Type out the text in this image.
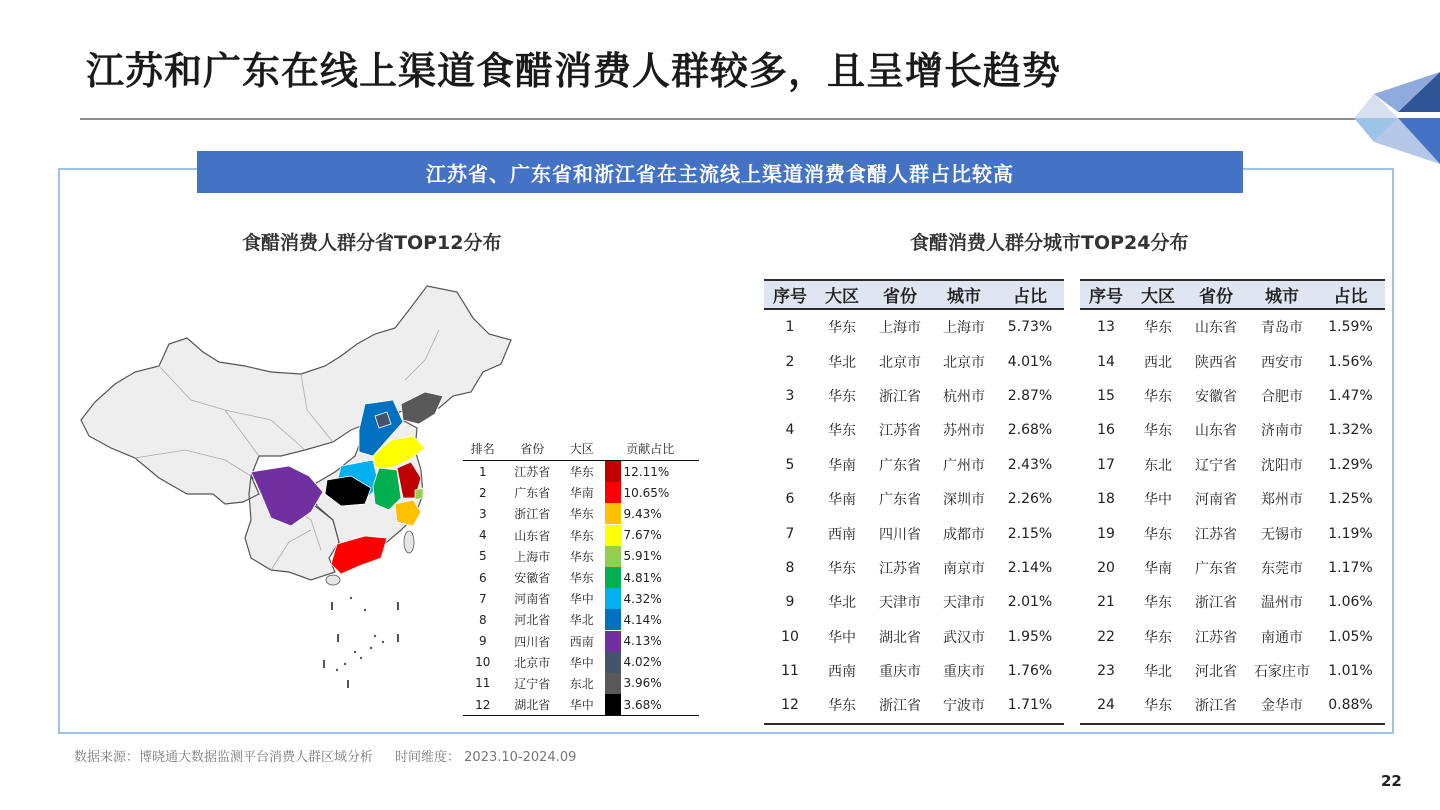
江苏和广东在线上渠道食醋消费人群较多，且呈增长趋势
江苏省、广东省和浙江省在主流线上渠道消费食醋人群占比较高
食醋消费人群分省TOP12分布	食醋消费人群分城市TOP24分布
排名	省份	大区	贡献占比	
1	江苏省	华东		12.11%
2	广东省	华南		10.65%
3	浙江省	华东		9.43%
4	山东省	华东		7.67%
5	上海市	华东		5.91%
6	安徽省	华东		4.81%
7	河南省	华中		4.32%
8	河北省	华北		4.14%
9	四川省	西南		4.13%
10	北京市	华中		4.02%
11	辽宁省	东北		3.96%
12	湖北省	华中		3.68%
序号	大区	省份	城市	占比
1	华东	上海市	上海市	5.73%
2	华北	北京市	北京市	4.01%
3	华东	浙江省	杭州市	2.87%
4	华东	江苏省	苏州市	2.68%
5	华南	广东省	广州市	2.43%
6	华南	广东省	深圳市	2.26%
7	西南	四川省	成都市	2.15%
8	华东	江苏省	南京市	2.14%
9	华北	天津市	天津市	2.01%
10	华中	湖北省	武汉市	1.95%
11	西南	重庆市	重庆市	1.76%
12	华东	浙江省	宁波市	1.71%
序号	大区	省份	城市	占比
13	华东	山东省	青岛市	1.59%
14	西北	陕西省	西安市	1.56%
15	华东	安徽省	合肥市	1.47%
16	华东	山东省	济南市	1.32%
17	东北	辽宁省	沈阳市	1.29%
18	华中	河南省	郑州市	1.25%
19	华东	江苏省	无锡市	1.19%
20	华南	广东省	东莞市	1.17%
21	华东	浙江省	温州市	1.06%
22	华东	江苏省	南通市	1.05%
23	华北	河北省	石家庄市	1.01%
24	华东	浙江省	金华市	0.88%
数据来源：博晓通大数据监测平台消费人群区域分析 时间维度： 2023.10-2024.09
22
